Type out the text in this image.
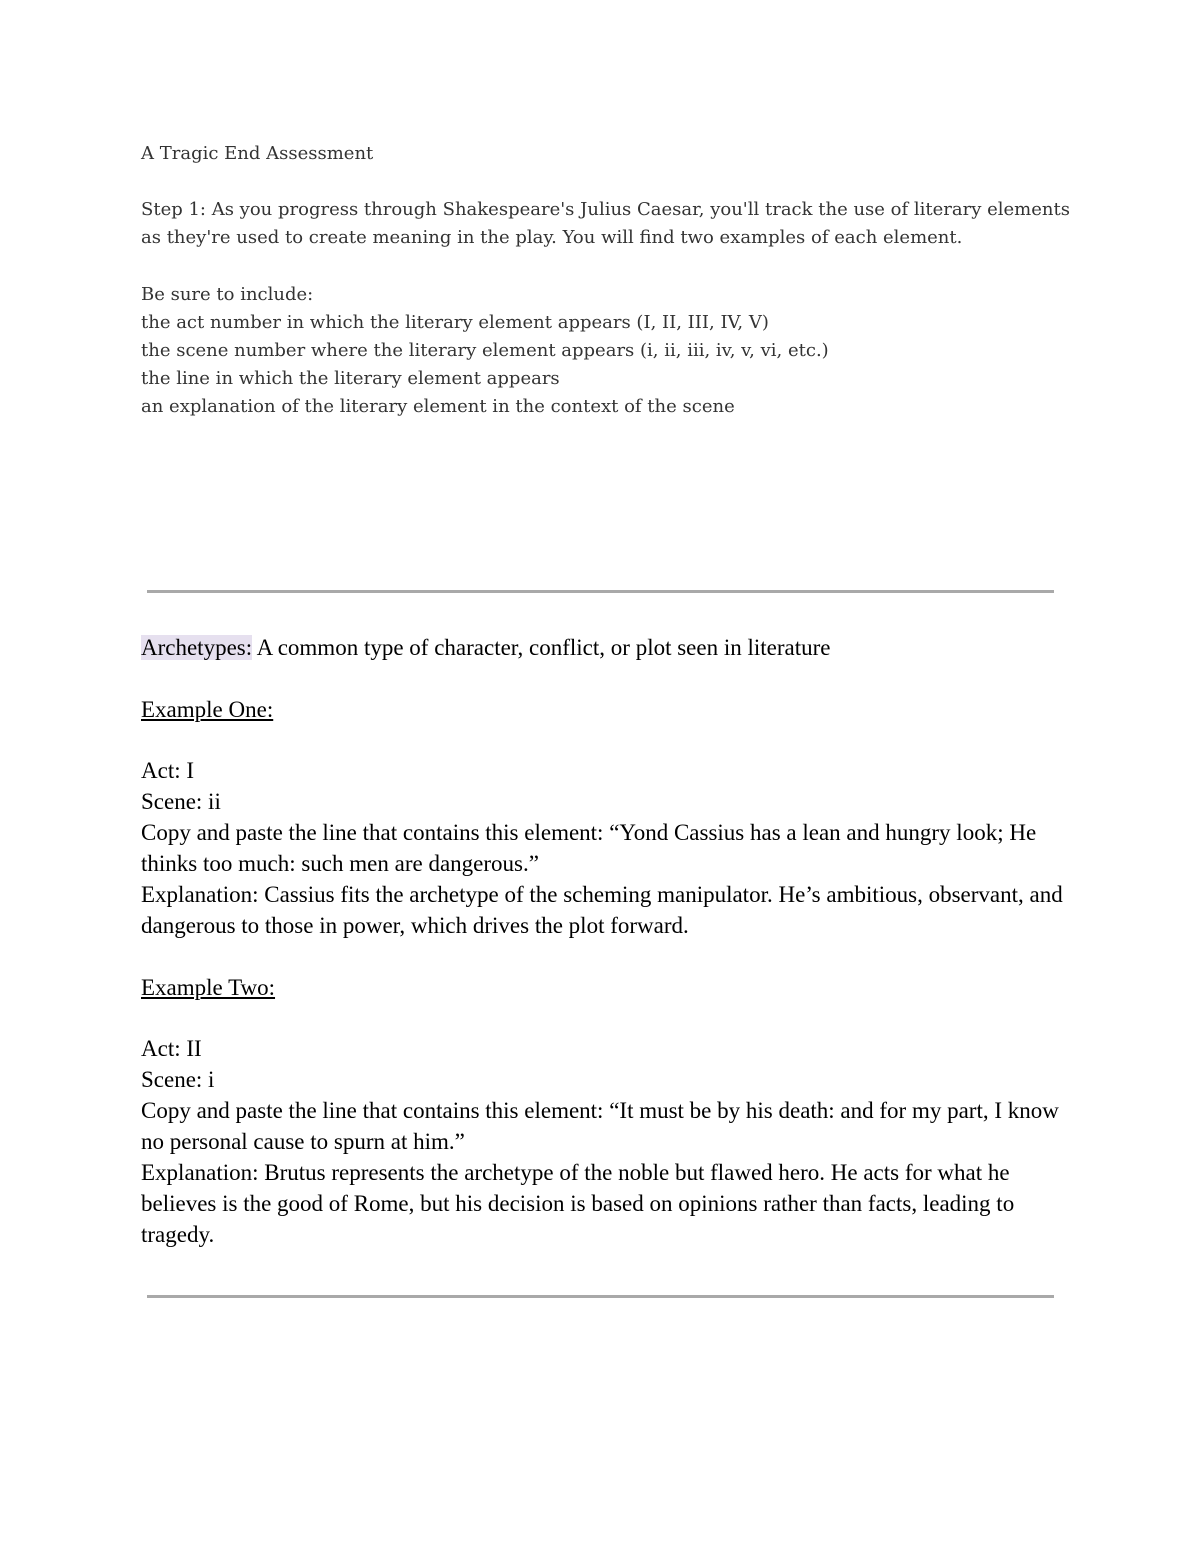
A Tragic End Assessment

Step 1: As you progress through Shakespeare's Julius Caesar, you'll track the use of literary elements as they're used to create meaning in the play. You will find two examples of each element.

Be sure to include:

the act number in which the literary element appears (I, II, III, IV, V)

the scene number where the literary element appears (i, ii, iii, iv, v, vi, etc.)

the line in which the literary element appears

an explanation of the literary element in the context of the scene

Archetypes: A common type of character, conflict, or plot seen in literature

Example One:

Act: I

Scene: ii

Copy and paste the line that contains this element: “Yond Cassius has a lean and hungry look; He thinks too much: such men are dangerous.”

Explanation: Cassius fits the archetype of the scheming manipulator. He’s ambitious, observant, and dangerous to those in power, which drives the plot forward.

Example Two:

Act: II

Scene: i

Copy and paste the line that contains this element: “It must be by his death: and for my part, I know no personal cause to spurn at him.”

Explanation: Brutus represents the archetype of the noble but flawed hero. He acts for what he believes is the good of Rome, but his decision is based on opinions rather than facts, leading to tragedy.
